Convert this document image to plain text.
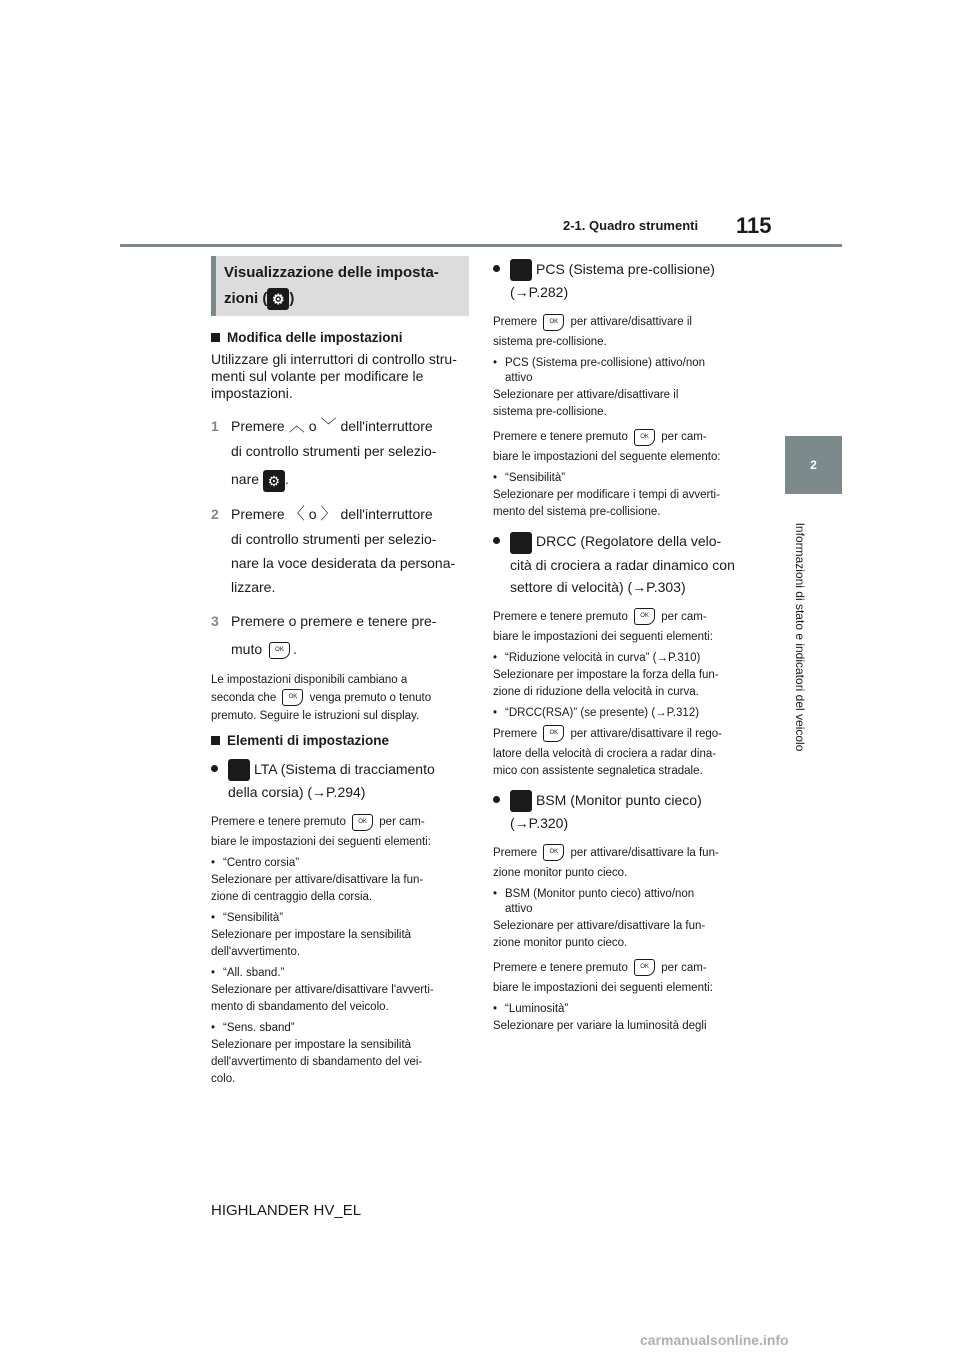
2-1. Quadro strumenti 115
2
Informazioni di stato e indicatori del veicolo
Visualizzazione delle imposta-
zioni ( ⚙ )
Modifica delle impostazioni

Utilizzare gli interruttori di controllo stru- menti sul volante per modificare le impostazioni.

1 Premere ︿ o ﹀ dell'interruttore
di controllo strumenti per selezio-
nare ⚙ .
2 Premere 〈 o 〉 dell'interruttore
di controllo strumenti per selezio-
nare la voce desiderata da persona-
lizzare.
3 Premere o premere e tenere pre-
muto OK .
Le impostazioni disponibili cambiano a
seconda che OK venga premuto o tenuto
premuto. Seguire le istruzioni sul display.
Elementi di impostazione
LTA (Sistema di tracciamento
della corsia) (→P.294)
Premere e tenere premuto OK per cam-
biare le impostazioni dei seguenti elementi:
• “Centro corsia”
Selezionare per attivare/disattivare la fun-
zione di centraggio della corsia.
• “Sensibilità”
Selezionare per impostare la sensibilità
dell'avvertimento.
• “All. sband.”
Selezionare per attivare/disattivare l'avverti-
mento di sbandamento del veicolo.
• “Sens. sband”
Selezionare per impostare la sensibilità
dell'avvertimento di sbandamento del vei-
colo.
PCS (Sistema pre-collisione)
(→P.282)
Premere OK per attivare/disattivare il
sistema pre-collisione.
• PCS (Sistema pre-collisione) attivo/non
attivo
Selezionare per attivare/disattivare il
sistema pre-collisione.
Premere e tenere premuto OK per cam-
biare le impostazioni del seguente elemento:
• “Sensibilità”
Selezionare per modificare i tempi di avverti-
mento del sistema pre-collisione.
DRCC (Regolatore della velo-
cità di crociera a radar dinamico con
settore di velocità) (→P.303)
Premere e tenere premuto OK per cam-
biare le impostazioni dei seguenti elementi:
• “Riduzione velocità in curva” (→P.310)
Selezionare per impostare la forza della fun-
zione di riduzione della velocità in curva.
• “DRCC(RSA)” (se presente) (→P.312)
Premere OK per attivare/disattivare il rego-
latore della velocità di crociera a radar dina-
mico con assistente segnaletica stradale.
BSM (Monitor punto cieco)
(→P.320)
Premere OK per attivare/disattivare la fun-
zione monitor punto cieco.
• BSM (Monitor punto cieco) attivo/non
attivo
Selezionare per attivare/disattivare la fun-
zione monitor punto cieco.
Premere e tenere premuto OK per cam-
biare le impostazioni dei seguenti elementi:
• “Luminosità”
Selezionare per variare la luminosità degli
HIGHLANDER HV_EL
carmanualsonline.info
